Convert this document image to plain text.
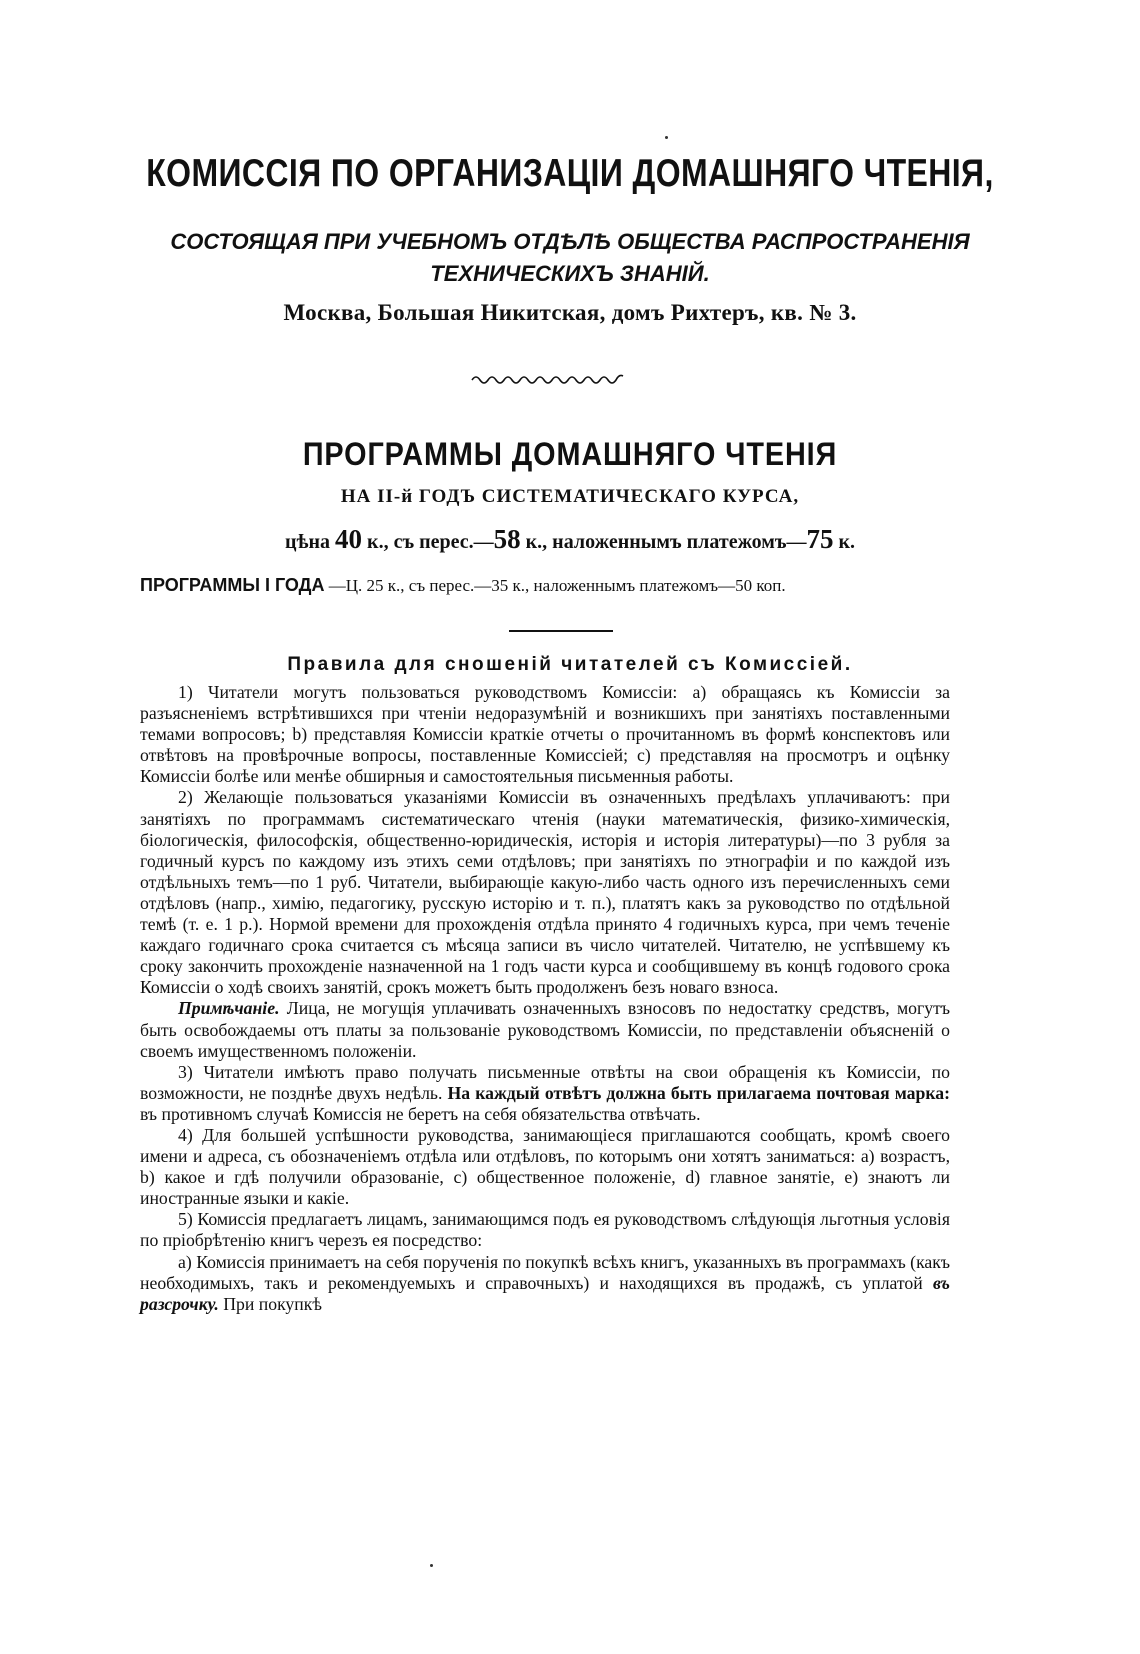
КОМИССІЯ ПО ОРГАНИЗАЦІИ ДОМАШНЯГО ЧТЕНІЯ,
СОСТОЯЩАЯ ПРИ УЧЕБНОМЪ ОТДѢЛѢ ОБЩЕСТВА РАСПРОСТРАНЕНІЯ
ТЕХНИЧЕСКИХЪ ЗНАНІЙ.
Москва, Большая Никитская, домъ Рихтеръ, кв. № 3.
ПРОГРАММЫ ДОМАШНЯГО ЧТЕНІЯ
НА II-й ГОДЪ СИСТЕМАТИЧЕСКАГО КУРСА,
цѣна 40 к., съ перес.—58 к., наложеннымъ платежомъ—75 к.
ПРОГРАММЫ I ГОДА —Ц. 25 к., съ перес.—35 к., наложеннымъ платежомъ—50 коп.
Правила для сношеній читателей съ Комиссіей.

1) Читатели могутъ пользоваться руководствомъ Комиссіи: a) обращаясь къ Комиссіи за разъясненіемъ встрѣтившихся при чтеніи недоразумѣній и возникшихъ при занятіяхъ поставленными темами вопросовъ; b) представляя Комиссіи краткіе отчеты о прочитанномъ въ формѣ конспектовъ или отвѣтовъ на провѣрочные вопросы, поставленные Комиссіей; c) представляя на просмотръ и оцѣнку Комиссіи болѣе или менѣе обширныя и самостоятельныя письменныя работы.

2) Желающіе пользоваться указаніями Комиссіи въ означенныхъ предѣлахъ уплачиваютъ: при занятіяхъ по программамъ систематическаго чтенія (науки математическія, физико-химическія, біологическія, философскія, общественно-юридическія, исторія и исторія литературы)—по 3 рубля за годичный курсъ по каждому изъ этихъ семи отдѣловъ; при занятіяхъ по этнографіи и по каждой изъ отдѣльныхъ темъ—по 1 руб. Читатели, выбирающіе какую-либо часть одного изъ перечисленныхъ семи отдѣловъ (напр., химію, педагогику, русскую исторію и т. п.), платятъ какъ за руководство по отдѣльной темѣ (т. е. 1 р.). Нормой времени для прохожденія отдѣла принято 4 годичныхъ курса, при чемъ теченіе каждаго годичнаго срока считается съ мѣсяца записи въ число читателей. Читателю, не успѣвшему къ сроку закончить прохожденіе назначенной на 1 годъ части курса и сообщившему въ концѣ годового срока Комиссіи о ходѣ своихъ занятій, срокъ можетъ быть продолженъ безъ новаго взноса.

Примѣчаніе. Лица, не могущія уплачивать означенныхъ взносовъ по недостатку средствъ, могутъ быть освобождаемы отъ платы за пользованіе руководствомъ Комиссіи, по представленіи объясненій о своемъ имущественномъ положеніи.

3) Читатели имѣютъ право получать письменные отвѣты на свои обращенія къ Комиссіи, по возможности, не позднѣе двухъ недѣль. На каждый отвѣтъ должна быть прилагаема почтовая марка: въ противномъ случаѣ Комиссія не беретъ на себя обязательства отвѣчать.

4) Для большей успѣшности руководства, занимающіеся приглашаются сообщать, кромѣ своего имени и адреса, съ обозначеніемъ отдѣла или отдѣловъ, по которымъ они хотятъ заниматься: a) возрастъ, b) какое и гдѣ получили образованіе, c) общественное положеніе, d) главное занятіе, e) знаютъ ли иностранные языки и какіе.

5) Комиссія предлагаетъ лицамъ, занимающимся подъ ея руководствомъ слѣдующія льготныя условія по пріобрѣтенію книгъ черезъ ея посредство:

a) Комиссія принимаетъ на себя порученія по покупкѣ всѣхъ книгъ, указанныхъ въ программахъ (какъ необходимыхъ, такъ и рекомендуемыхъ и справочныхъ) и находящихся въ продажѣ, съ уплатой въ разсрочку. При покупкѣ
